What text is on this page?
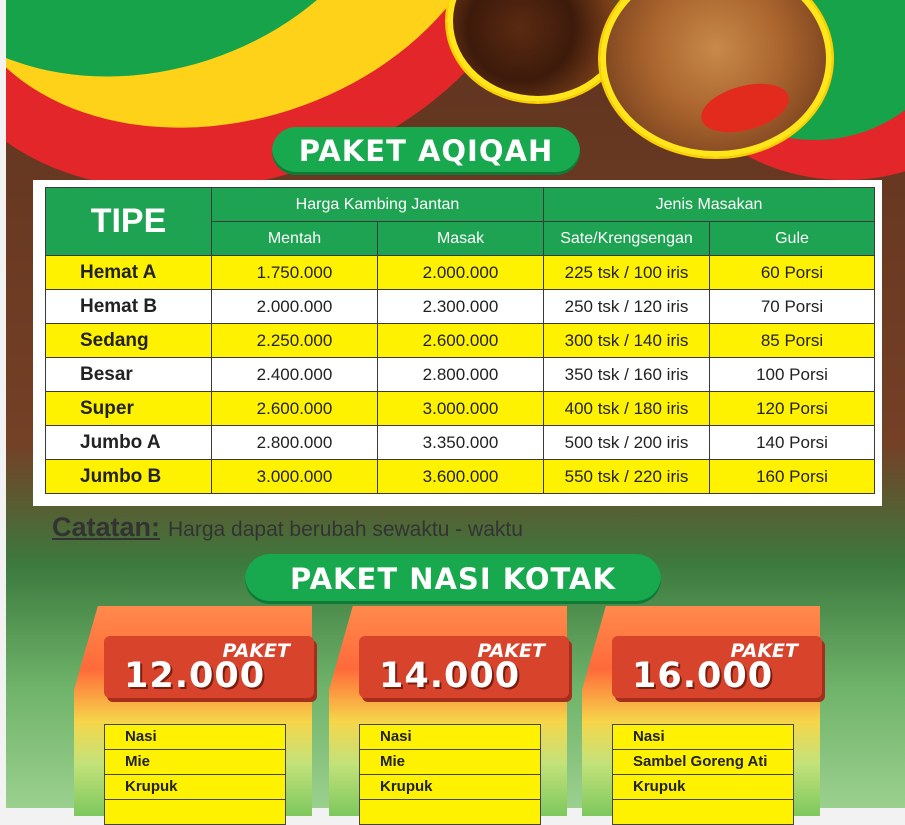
PAKET AQIQAH
TIPE	Harga Kambing Jantan		Jenis Masakan	
	Mentah	Masak	Sate/Krengsengan	Gule
Hemat A	1.750.000	2.000.000	225 tsk / 100 iris	60 Porsi
Hemat B	2.000.000	2.300.000	250 tsk / 120 iris	70 Porsi
Sedang	2.250.000	2.600.000	300 tsk / 140 iris	85 Porsi
Besar	2.400.000	2.800.000	350 tsk / 160 iris	100 Porsi
Super	2.600.000	3.000.000	400 tsk / 180 iris	120 Porsi
Jumbo A	2.800.000	3.350.000	500 tsk / 200 iris	140 Porsi
Jumbo B	3.000.000	3.600.000	550 tsk / 220 iris	160 Porsi
Catatan: Harga dapat berubah sewaktu - waktu
PAKET NASI KOTAK
PAKET
12.000
Nasi
Mie
Krupuk
PAKET
14.000
Nasi
Mie
Krupuk
PAKET
16.000
Nasi
Sambel Goreng Ati
Krupuk
